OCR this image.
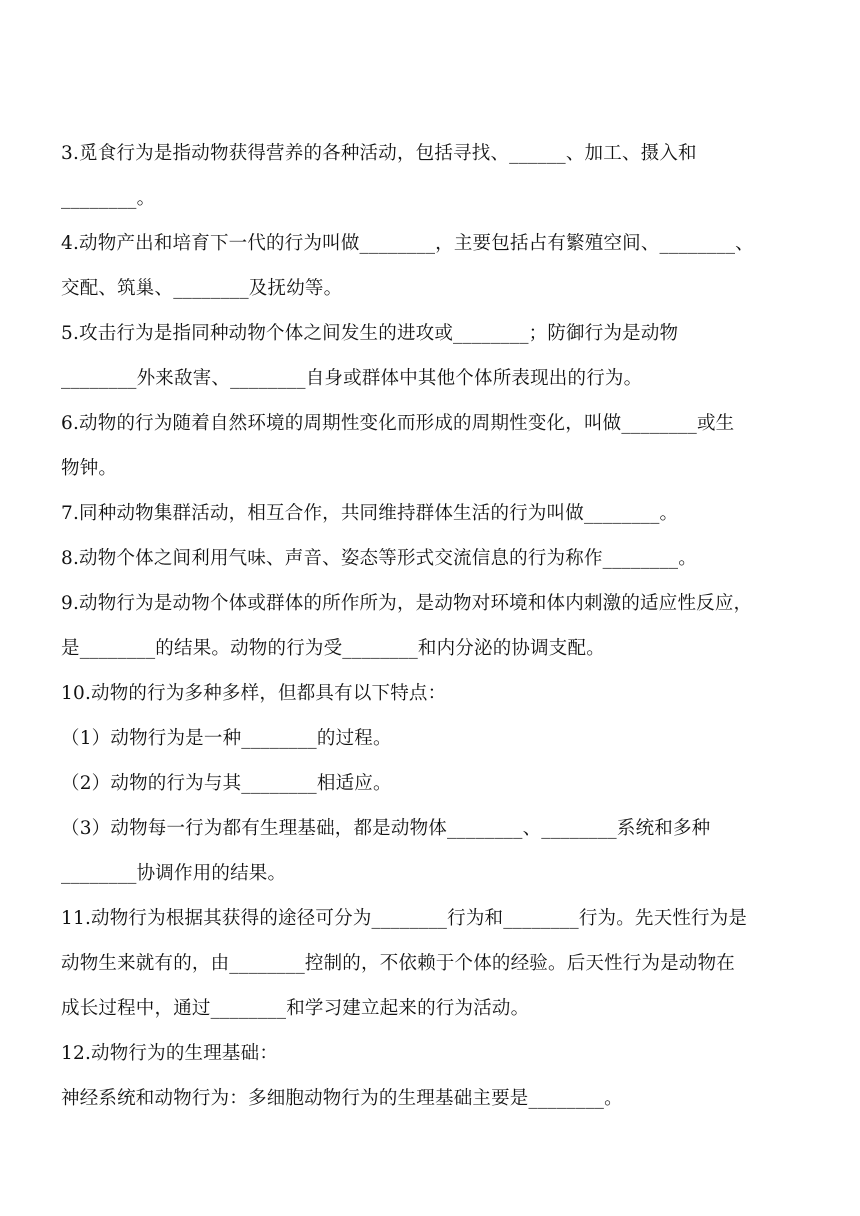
3.觅食行为是指动物获得营养的各种活动，包括寻找、______、加工、摄入和
________。
4.动物产出和培育下一代的行为叫做________，主要包括占有繁殖空间、________、
交配、筑巢、________及抚幼等。
5.攻击行为是指同种动物个体之间发生的进攻或________；防御行为是动物
________外来敌害、________自身或群体中其他个体所表现出的行为。
6.动物的行为随着自然环境的周期性变化而形成的周期性变化，叫做________或生
物钟。
7.同种动物集群活动，相互合作，共同维持群体生活的行为叫做________。
8.动物个体之间利用气味、声音、姿态等形式交流信息的行为称作________。
9.动物行为是动物个体或群体的所作所为，是动物对环境和体内刺激的适应性反应，
是________的结果。动物的行为受________和内分泌的协调支配。
10.动物的行为多种多样，但都具有以下特点：
（1）动物行为是一种________的过程。
（2）动物的行为与其________相适应。
（3）动物每一行为都有生理基础，都是动物体________、________系统和多种
________协调作用的结果。
11.动物行为根据其获得的途径可分为________行为和________行为。先天性行为是
动物生来就有的，由________控制的，不依赖于个体的经验。后天性行为是动物在
成长过程中，通过________和学习建立起来的行为活动。
12.动物行为的生理基础：
神经系统和动物行为：多细胞动物行为的生理基础主要是________。
